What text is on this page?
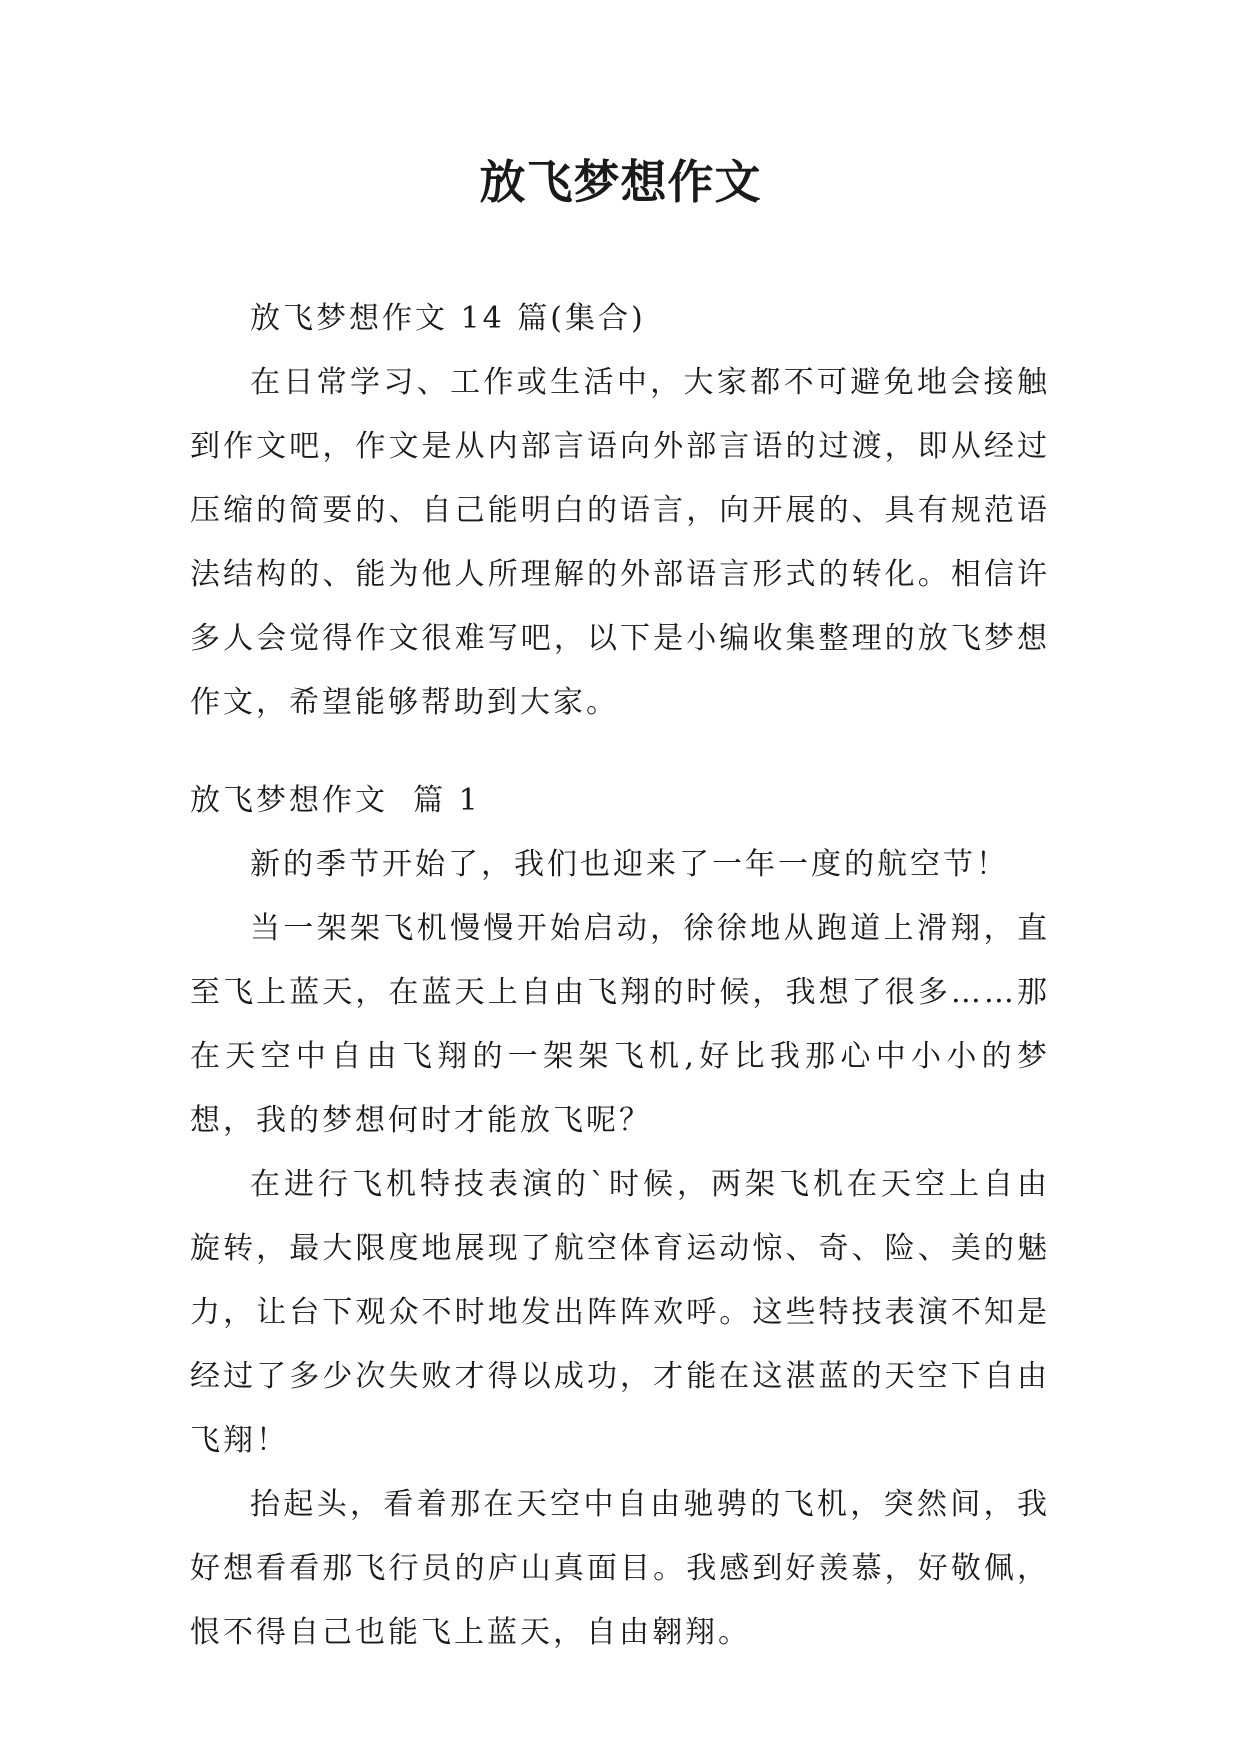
放飞梦想作文

放飞梦想作文 14 篇(集合)

在日常学习、工作或生活中，大家都不可避免地会接触到作文吧，作文是从内部言语向外部言语的过渡，即从经过压缩的简要的、自己能明白的语言，向开展的、具有规范语法结构的、能为他人所理解的外部语言形式的转化。相信许多人会觉得作文很难写吧，以下是小编收集整理的放飞梦想作文，希望能够帮助到大家。

放飞梦想作文  篇 1

新的季节开始了，我们也迎来了一年一度的航空节！

当一架架飞机慢慢开始启动，徐徐地从跑道上滑翔，直至飞上蓝天，在蓝天上自由飞翔的时候，我想了很多……那在天空中自由飞翔的一架架飞机,好比我那心中小小的梦想，我的梦想何时才能放飞呢？

在进行飞机特技表演的`时候，两架飞机在天空上自由旋转，最大限度地展现了航空体育运动惊、奇、险、美的魅力，让台下观众不时地发出阵阵欢呼。这些特技表演不知是经过了多少次失败才得以成功，才能在这湛蓝的天空下自由飞翔！

抬起头，看着那在天空中自由驰骋的飞机，突然间，我好想看看那飞行员的庐山真面目。我感到好羡慕，好敬佩，恨不得自己也能飞上蓝天，自由翱翔。
